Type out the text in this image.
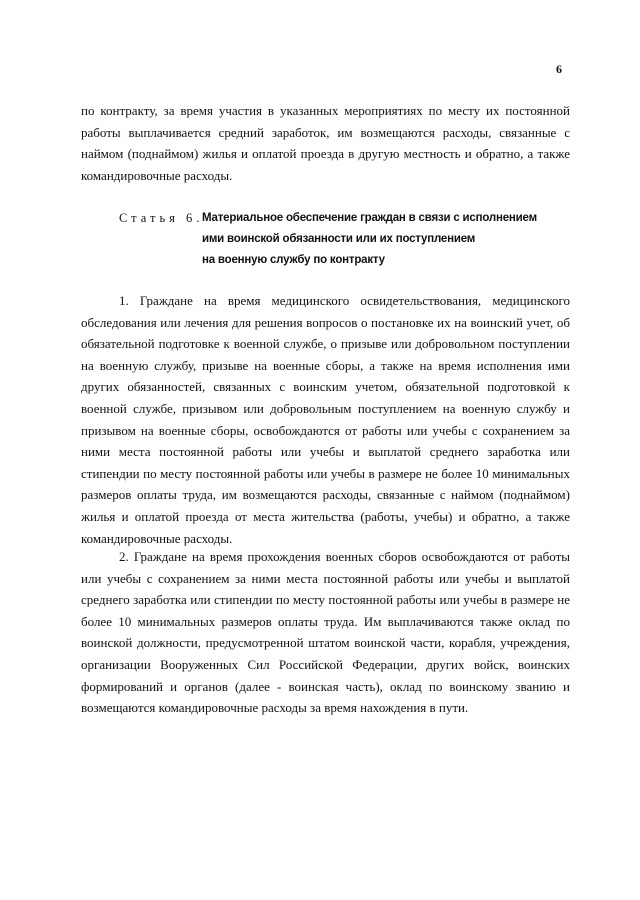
6

по контракту, за время участия в указанных мероприятиях по месту их постоянной работы выплачивается средний заработок, им возмещаются расходы, связанные с наймом (поднаймом) жилья и оплатой проезда в другую местность и обратно, а также командировочные расходы.

Статья 6.
Материальное обеспечение граждан в связи с исполнением
ими воинской обязанности или их поступлением
на военную службу по контракту

1. Граждане на время медицинского освидетельствования, медицинского обследования или лечения для решения вопросов о постановке их на воинский учет, об обязательной подготовке к военной службе, о призыве или добровольном поступлении на военную службу, призыве на военные сборы, а также на время исполнения ими других обязанностей, связанных с воинским учетом, обязательной подготовкой к военной службе, призывом или добровольным поступлением на военную службу и призывом на военные сборы, освобождаются от работы или учебы с сохранением за ними места постоянной работы или учебы и выплатой среднего заработка или стипендии по месту постоянной работы или учебы в размере не более 10 минимальных размеров оплаты труда, им возмещаются расходы, связанные с наймом (поднаймом) жилья и оплатой проезда от места жительства (работы, учебы) и обратно, а также командировочные расходы.

2. Граждане на время прохождения военных сборов освобождаются от работы или учебы с сохранением за ними места постоянной работы или учебы и выплатой среднего заработка или стипендии по месту постоянной работы или учебы в размере не более 10 минимальных размеров оплаты труда. Им выплачиваются также оклад по воинской должности, предусмотренной штатом воинской части, корабля, учреждения, организации Вооруженных Сил Российской Федерации, других войск, воинских формирований и органов (далее - воинская часть), оклад по воинскому званию и возмещаются командировочные расходы за время нахождения в пути.
